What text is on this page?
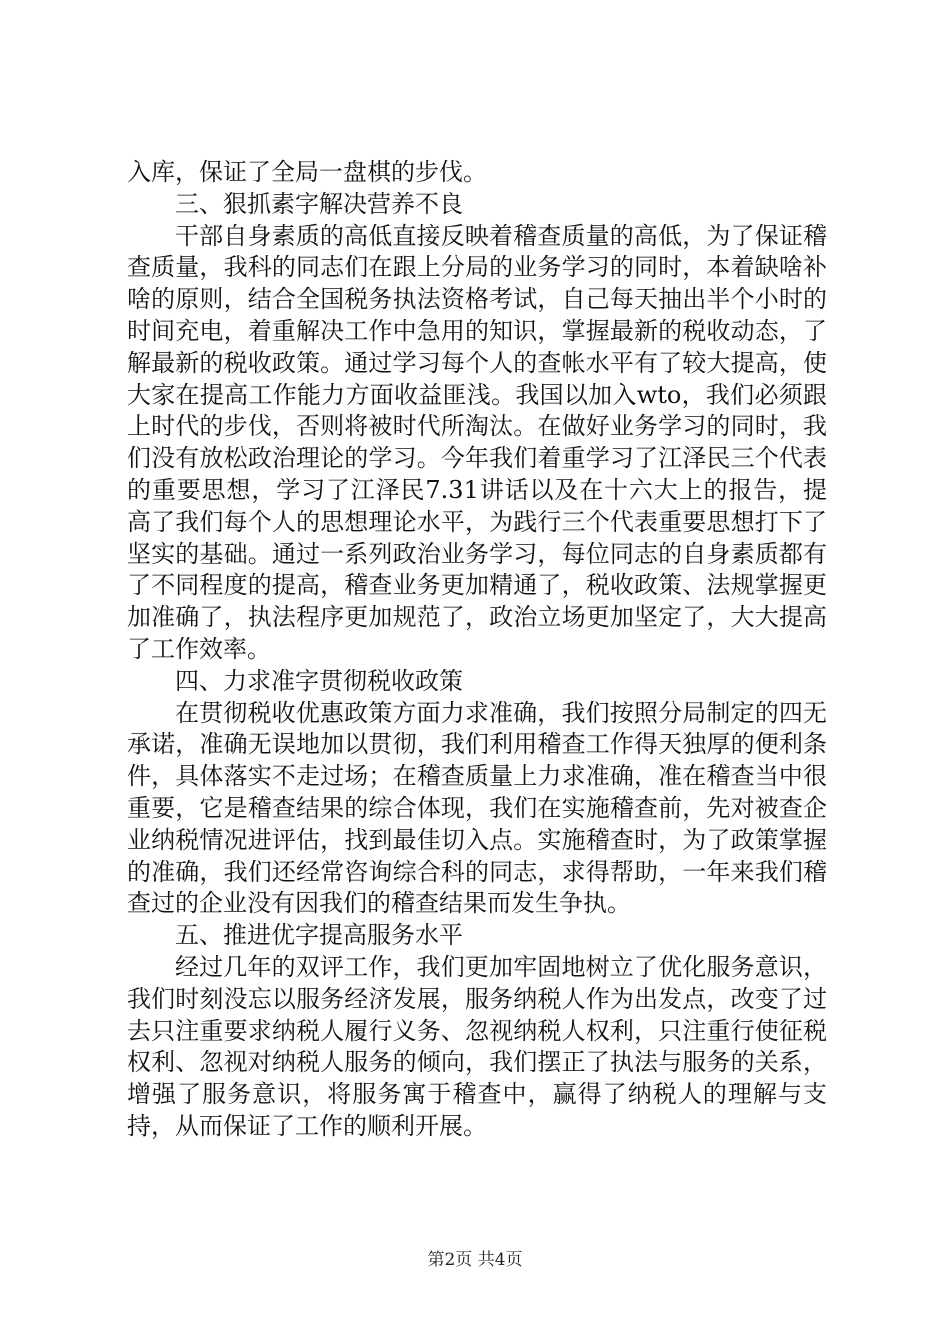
入库，保证了全局一盘棋的步伐。

三、狠抓素字解决营养不良

干部自身素质的高低直接反映着稽查质量的高低，为了保证稽查质量，我科的同志们在跟上分局的业务学习的同时，本着缺啥补啥的原则，结合全国税务执法资格考试，自己每天抽出半个小时的时间充电，着重解决工作中急用的知识，掌握最新的税收动态，了解最新的税收政策。通过学习每个人的查帐水平有了较大提高，使大家在提高工作能力方面收益匪浅。我国以加入wto，我们必须跟上时代的步伐，否则将被时代所淘汰。在做好业务学习的同时，我们没有放松政治理论的学习。今年我们着重学习了江泽民三个代表的重要思想，学习了江泽民7.31讲话以及在十六大上的报告，提高了我们每个人的思想理论水平，为践行三个代表重要思想打下了坚实的基础。通过一系列政治业务学习，每位同志的自身素质都有了不同程度的提高，稽查业务更加精通了，税收政策、法规掌握更加准确了，执法程序更加规范了，政治立场更加坚定了，大大提高了工作效率。

四、力求准字贯彻税收政策

在贯彻税收优惠政策方面力求准确，我们按照分局制定的四无承诺，准确无误地加以贯彻，我们利用稽查工作得天独厚的便利条件，具体落实不走过场；在稽查质量上力求准确，准在稽查当中很重要，它是稽查结果的综合体现，我们在实施稽查前，先对被查企业纳税情况进评估，找到最佳切入点。实施稽查时，为了政策掌握的准确，我们还经常咨询综合科的同志，求得帮助，一年来我们稽查过的企业没有因我们的稽查结果而发生争执。

五、推进优字提高服务水平

经过几年的双评工作，我们更加牢固地树立了优化服务意识，我们时刻没忘以服务经济发展，服务纳税人作为出发点，改变了过去只注重要求纳税人履行义务、忽视纳税人权利，只注重行使征税权利、忽视对纳税人服务的倾向，我们摆正了执法与服务的关系，增强了服务意识，将服务寓于稽查中，赢得了纳税人的理解与支持，从而保证了工作的顺利开展。

第2页 共4页
